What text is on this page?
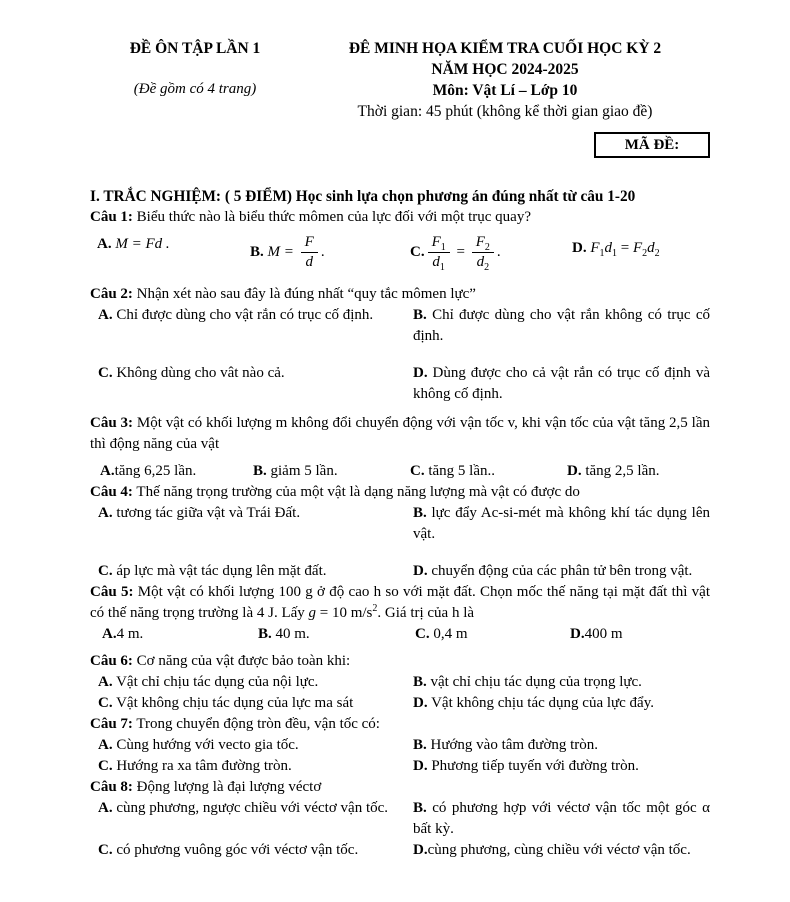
ĐỀ ÔN TẬP LẦN 1
(Đề gồm có 4 trang)
ĐÊ MINH HỌA KIỂM TRA CUỐI HỌC KỲ 2
NĂM HỌC 2024-2025
Môn: Vật Lí – Lớp 10
Thời gian: 45 phút (không kể thời gian giao đề)
MÃ ĐỀ:
I. TRẮC NGHIỆM: ( 5 ĐIỂM) Học sinh lựa chọn phương án đúng nhất từ câu 1-20

Câu 1: Biểu thức nào là biểu thức mômen của lực đối với một trục quay?

A. M = Fd .
B. $M = \frac{F}{d}$ .	C. $\frac{F_1}{d_1} = \frac{F_2}{d_2}$ .	D. $F_1d_1 = F_2d_2$

Câu 2: Nhận xét nào sau đây là đúng nhất “quy tắc mômen lực”

A. Chỉ được dùng cho vật rắn có trục cố định.	B. Chỉ được dùng cho vật rắn không có trục cố định.
C. Không dùng cho vât nào cả.	D. Dùng được cho cả vật rắn có trục cố định và không cố định.

Câu 3: Một vật có khối lượng m không đổi chuyển động với vận tốc v, khi vận tốc của vật tăng 2,5 lần thì động năng của vật

A.tăng 6,25 lần.	B. giảm 5 lần.	C. tăng 5 lần..	D. tăng 2,5 lần.

Câu 4: Thế năng trọng trường của một vật là dạng năng lượng mà vật có được do

A. tương tác giữa vật và Trái Đất.	B. lực đẩy Ac-si-mét mà không khí tác dụng lên vật.
C. áp lực mà vật tác dụng lên mặt đất.	D. chuyển động của các phân tử bên trong vật.

Câu 5: Một vật có khối lượng 100 g ở độ cao h so với mặt đất. Chọn mốc thế năng tại mặt đất thì vật có thế năng trọng trường là 4 J. Lấy g = 10 $m/s^2$. Giá trị của h là

A.4 m.	B. 40 m.	C. 0,4 m	D.400 m

Câu 6: Cơ năng của vật được bảo toàn khi:

A. Vật chỉ chịu tác dụng của nội lực.	B. vật chỉ chịu tác dụng của trọng lực.
C. Vật không chịu tác dụng của lực ma sát	D. Vật không chịu tác dụng của lực đẩy.

Câu 7: Trong chuyển động tròn đều, vận tốc có:

A. Cùng hướng với vecto gia tốc.	B. Hướng vào tâm đường tròn.
C. Hướng ra xa tâm đường tròn.	D. Phương tiếp tuyến với đường tròn.

Câu 8: Động lượng là đại lượng véctơ

A. cùng phương, ngược chiều với véctơ vận tốc.	B. có phương hợp với véctơ vận tốc một góc α bất kỳ.
C. có phương vuông góc với véctơ vận tốc.	D.cùng phương, cùng chiều với véctơ vận tốc.
